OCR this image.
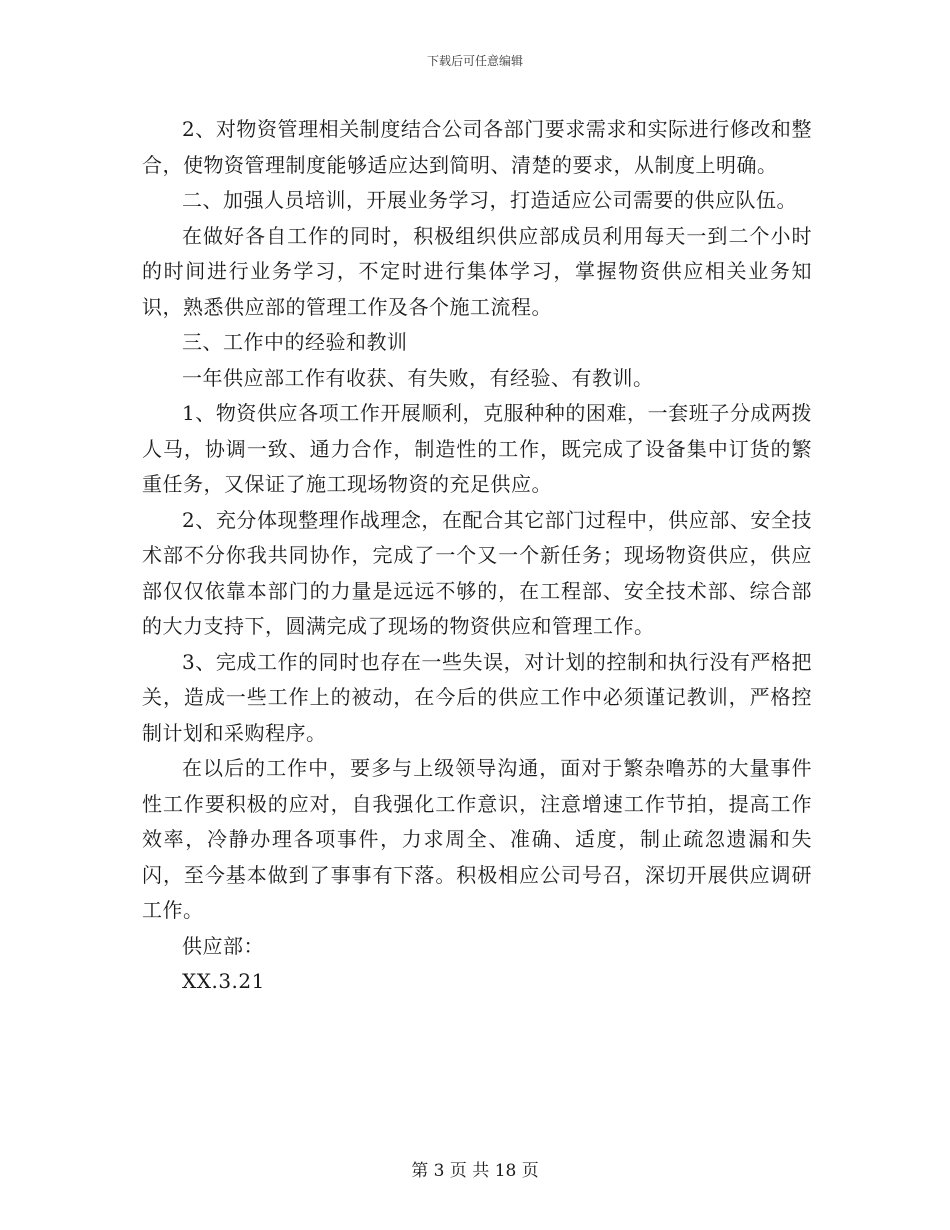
下载后可任意编辑

2、对物资管理相关制度结合公司各部门要求需求和实际进行修改和整合，使物资管理制度能够适应达到简明、清楚的要求，从制度上明确。

二、加强人员培训，开展业务学习，打造适应公司需要的供应队伍。

在做好各自工作的同时，积极组织供应部成员利用每天一到二个小时的时间进行业务学习，不定时进行集体学习，掌握物资供应相关业务知识，熟悉供应部的管理工作及各个施工流程。

三、工作中的经验和教训

一年供应部工作有收获、有失败，有经验、有教训。

1、物资供应各项工作开展顺利，克服种种的困难，一套班子分成两拨人马，协调一致、通力合作，制造性的工作，既完成了设备集中订货的繁重任务，又保证了施工现场物资的充足供应。

2、充分体现整理作战理念，在配合其它部门过程中，供应部、安全技术部不分你我共同协作，完成了一个又一个新任务；现场物资供应，供应部仅仅依靠本部门的力量是远远不够的，在工程部、安全技术部、综合部的大力支持下，圆满完成了现场的物资供应和管理工作。

3、完成工作的同时也存在一些失误，对计划的控制和执行没有严格把关，造成一些工作上的被动，在今后的供应工作中必须谨记教训，严格控制计划和采购程序。

在以后的工作中，要多与上级领导沟通，面对于繁杂噜苏的大量事件性工作要积极的应对，自我强化工作意识，注意增速工作节拍，提高工作效率，冷静办理各项事件，力求周全、准确、适度，制止疏忽遗漏和失闪，至今基本做到了事事有下落。积极相应公司号召，深切开展供应调研工作。

供应部：

XX.3.21

第 3 页 共 18 页
